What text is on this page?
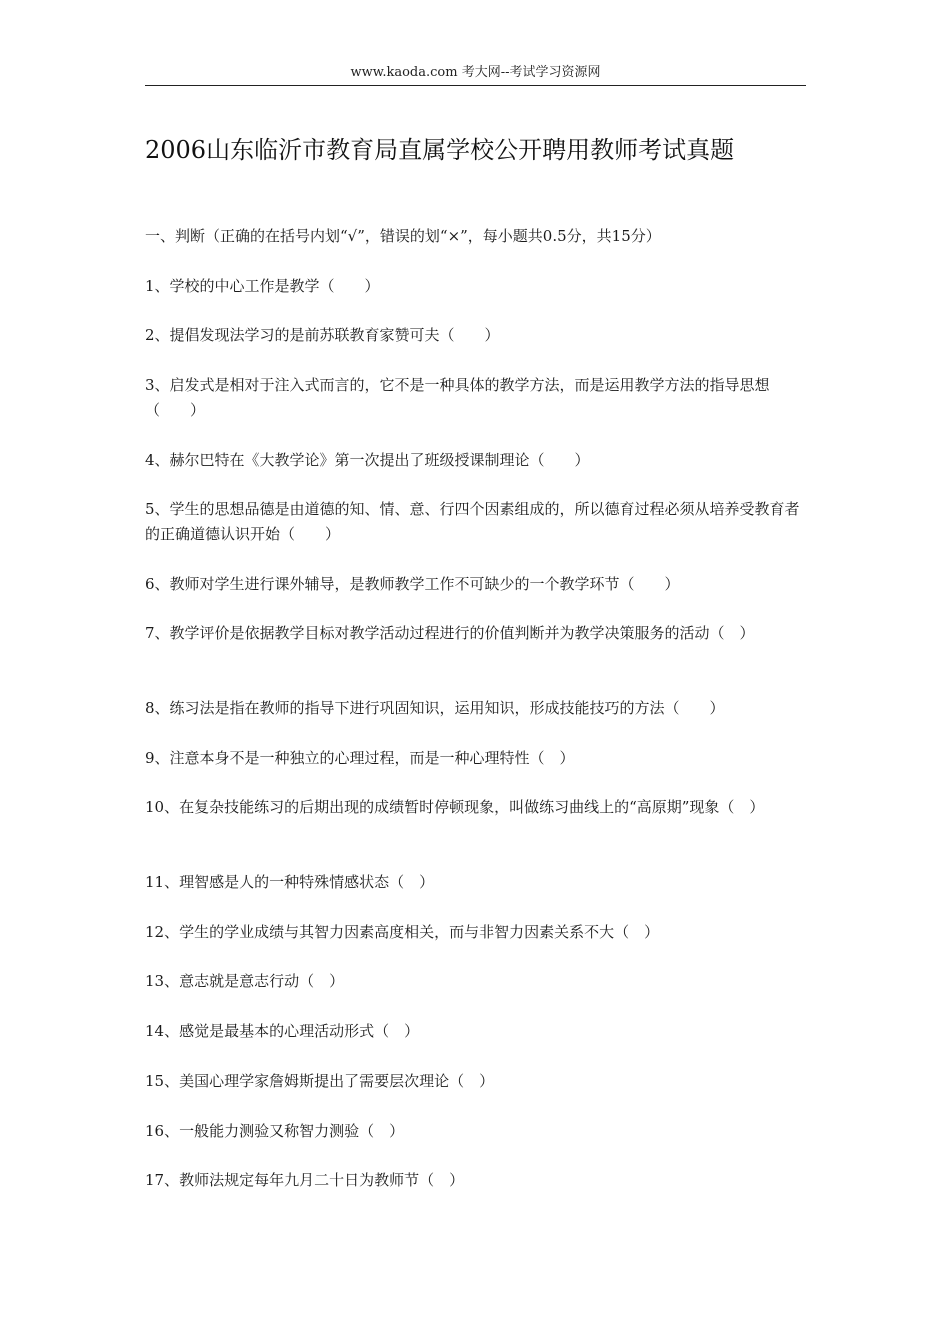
www.kaoda.com 考大网--考试学习资源网
2006山东临沂市教育局直属学校公开聘用教师考试真题
一、判断（正确的在括号内划“√”，错误的划“×”，每小题共0.5分，共15分）
1、学校的中心工作是教学（　　）
2、提倡发现法学习的是前苏联教育家赞可夫（　　）
3、启发式是相对于注入式而言的，它不是一种具体的教学方法，而是运用教学方法的指导思想（　　）
4、赫尔巴特在《大教学论》第一次提出了班级授课制理论（　　）
5、学生的思想品德是由道德的知、情、意、行四个因素组成的，所以德育过程必须从培养受教育者的正确道德认识开始（　　）
6、教师对学生进行课外辅导，是教师教学工作不可缺少的一个教学环节（　　）
7、教学评价是依据教学目标对教学活动过程进行的价值判断并为教学决策服务的活动（　）
8、练习法是指在教师的指导下进行巩固知识，运用知识，形成技能技巧的方法（　　）
9、注意本身不是一种独立的心理过程，而是一种心理特性（　）
10、在复杂技能练习的后期出现的成绩暂时停顿现象，叫做练习曲线上的“高原期”现象（　）
11、理智感是人的一种特殊情感状态（　）
12、学生的学业成绩与其智力因素高度相关，而与非智力因素关系不大（　）
13、意志就是意志行动（　）
14、感觉是最基本的心理活动形式（　）
15、美国心理学家詹姆斯提出了需要层次理论（　）
16、一般能力测验又称智力测验（　）
17、教师法规定每年九月二十日为教师节（　）
